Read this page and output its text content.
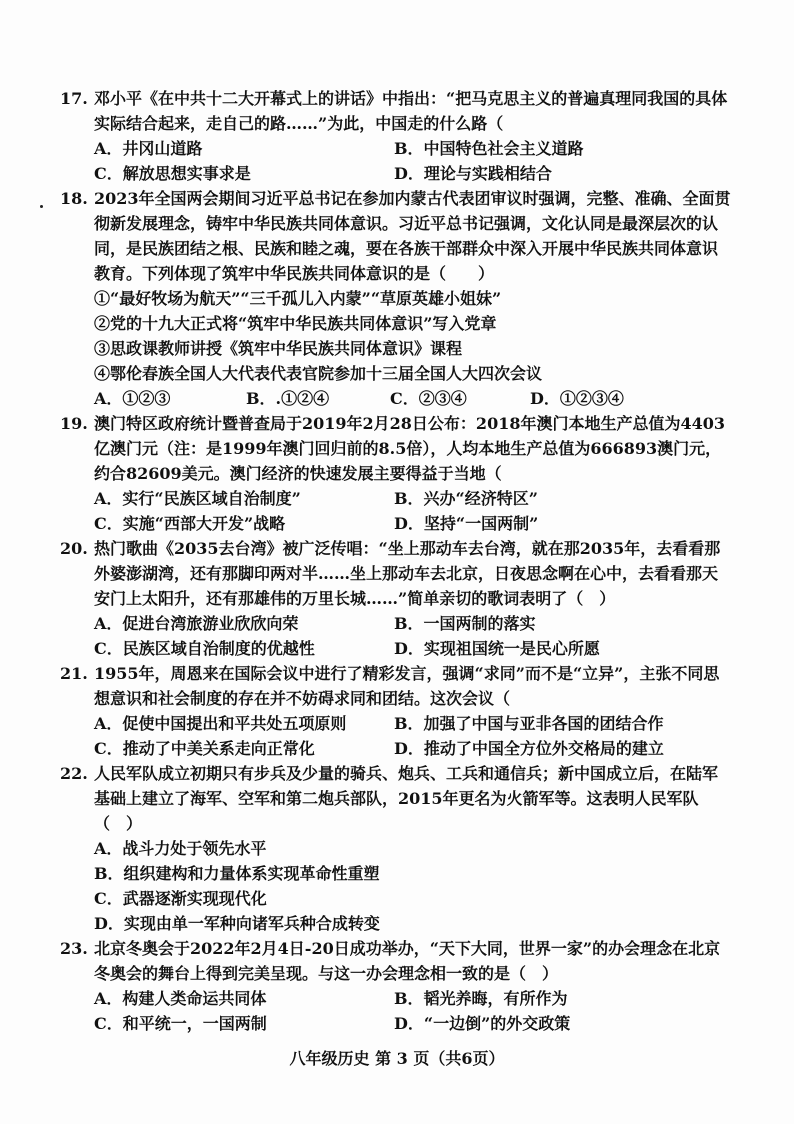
17. 邓小平《在中共十二大开幕式上的讲话》中指出：“把马克思主义的普遍真理同我国的具体实际结合起来，走自己的路……”为此，中国走的什么路（
A．井冈山道路	B．中国特色社会主义道路
C．解放思想实事求是	D．理论与实践相结合
18. 2023年全国两会期间习近平总书记在参加内蒙古代表团审议时强调，完整、准确、全面贯彻新发展理念，铸牢中华民族共同体意识。习近平总书记强调，文化认同是最深层次的认同，是民族团结之根、民族和睦之魂，要在各族干部群众中深入开展中华民族共同体意识教育。下列体现了筑牢中华民族共同体意识的是（　　）
①“最好牧场为航天”“三千孤儿入内蒙”“草原英雄小姐妹”
②党的十九大正式将“筑牢中华民族共同体意识”写入党章
③思政课教师讲授《筑牢中华民族共同体意识》课程
④鄂伦春族全国人大代表代表官院参加十三届全国人大四次会议
A．①②③	B．.①②④	C．②③④	D．①②③④
19. 澳门特区政府统计暨普查局于2019年2月28日公布：2018年澳门本地生产总值为4403亿澳门元（注：是1999年澳门回归前的8.5倍），人均本地生产总值为666893澳门元，约合82609美元。澳门经济的快速发展主要得益于当地（
A．实行“民族区域自治制度”	B．兴办“经济特区”
C．实施“西部大开发”战略	D．坚持“一国两制”
20. 热门歌曲《2035去台湾》被广泛传唱：“坐上那动车去台湾，就在那2035年，去看看那外婆澎湖湾，还有那脚印两对半……坐上那动车去北京，日夜思念啊在心中，去看看那天安门上太阳升，还有那雄伟的万里长城……”简单亲切的歌词表明了（　）
A．促进台湾旅游业欣欣向荣	B．一国两制的落实
C．民族区域自治制度的优越性	D．实现祖国统一是民心所愿
21. 1955年，周恩来在国际会议中进行了精彩发言，强调“求同”而不是“立异”，主张不同思想意识和社会制度的存在并不妨碍求同和团结。这次会议（
A．促使中国提出和平共处五项原则	B．加强了中国与亚非各国的团结合作
C．推动了中美关系走向正常化	D．推动了中国全方位外交格局的建立
22. 人民军队成立初期只有步兵及少量的骑兵、炮兵、工兵和通信兵；新中国成立后，在陆军基础上建立了海军、空军和第二炮兵部队，2015年更名为火箭军等。这表明人民军队（　）
A．战斗力处于领先水平
B．组织建构和力量体系实现革命性重塑
C．武器逐渐实现现代化
D．实现由单一军种向诸军兵种合成转变
23. 北京冬奥会于2022年2月4日-20日成功举办，“天下大同，世界一家”的办会理念在北京冬奥会的舞台上得到完美呈现。与这一办会理念相一致的是（　）
A．构建人类命运共同体	B．韬光养晦，有所作为
C．和平统一，一国两制	D．“一边倒”的外交政策
八年级历史 第 3 页（共6页）
